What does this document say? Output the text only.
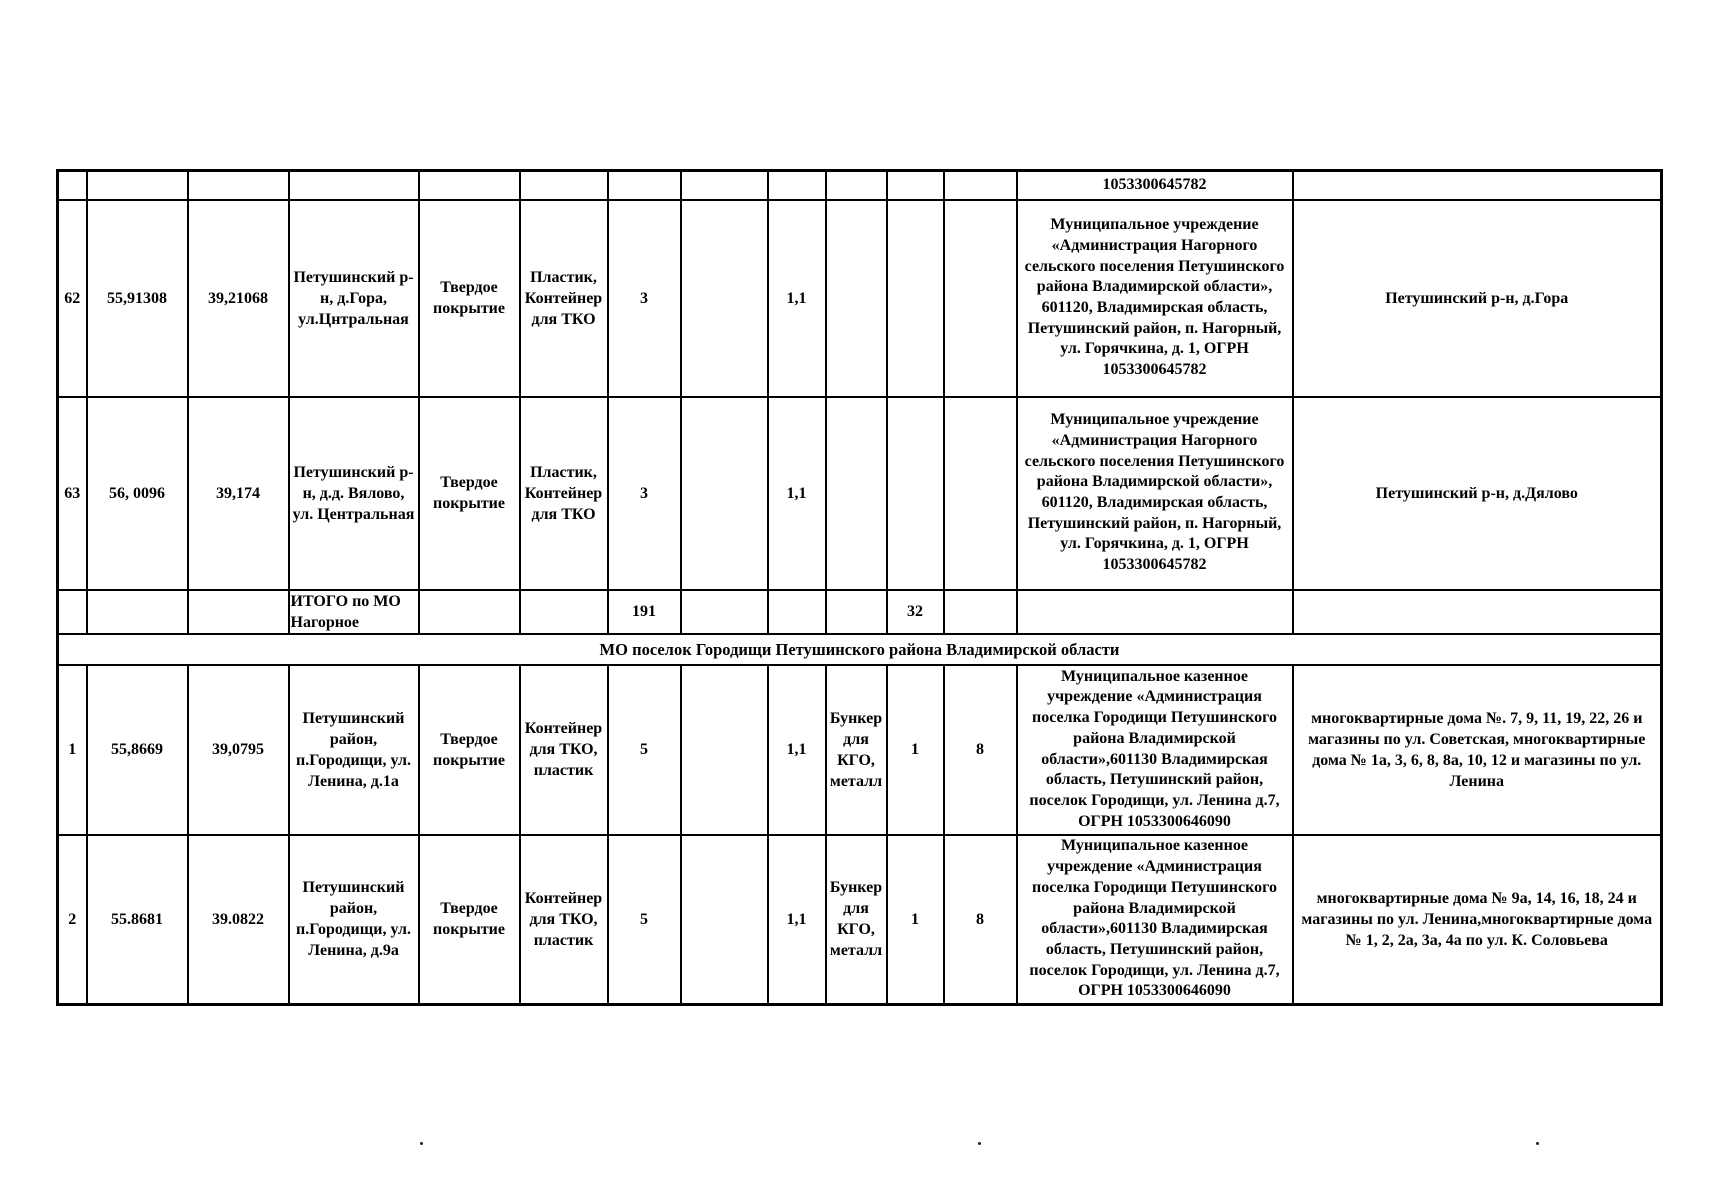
												1053300645782	
62	55,91308	39,21068	Петушинский р-н, д.Гора, ул.Цнтральная	Твердое покрытие	Пластик, Контейнер для ТКО	3		1,1				Муниципальное учреждение «Администрация Нагорного сельского поселения Петушинского района Владимирской области», 601120, Владимирская область, Петушинский район, п. Нагорный, ул. Горячкина, д. 1, ОГРН 1053300645782	Петушинский р-н, д.Гора
63	56, 0096	39,174	Петушинский р-н, д.д. Вялово, ул. Центральная	Твердое покрытие	Пластик, Контейнер для ТКО	3		1,1				Муниципальное учреждение «Администрация Нагорного сельского поселения Петушинского района Владимирской области», 601120, Владимирская область, Петушинский район, п. Нагорный, ул. Горячкина, д. 1, ОГРН 1053300645782	Петушинский р-н, д.Дялово
			ИТОГО по МО Нагорное			191				32			
МО поселок Городищи Петушинского района Владимирской области													
1	55,8669	39,0795	Петушинский район, п.Городищи, ул. Ленина, д.1а	Твердое покрытие	Контейнер для ТКО, пластик	5		1,1	Бункер для КГО, металл	1	8	Муниципальное казенное учреждение «Администрация поселка Городищи Петушинского района Владимирской области»,601130 Владимирская область, Петушинский район, поселок Городищи, ул. Ленина д.7, ОГРН 1053300646090	многоквартирные дома №. 7, 9, 11, 19, 22, 26 и магазины по ул. Советская, многоквартирные дома № 1а, 3, 6, 8, 8а, 10, 12 и магазины по ул. Ленина
2	55.8681	39.0822	Петушинский район, п.Городищи, ул. Ленина, д.9а	Твердое покрытие	Контейнер для ТКО, пластик	5		1,1	Бункер для КГО, металл	1	8	Муниципальное казенное учреждение «Администрация поселка Городищи Петушинского района Владимирской области»,601130 Владимирская область, Петушинский район, поселок Городищи, ул. Ленина д.7, ОГРН 1053300646090	многоквартирные дома № 9а, 14, 16, 18, 24 и магазины по ул. Ленина,многоквартирные дома № 1, 2, 2а, 3а, 4а по ул. К. Соловьева
